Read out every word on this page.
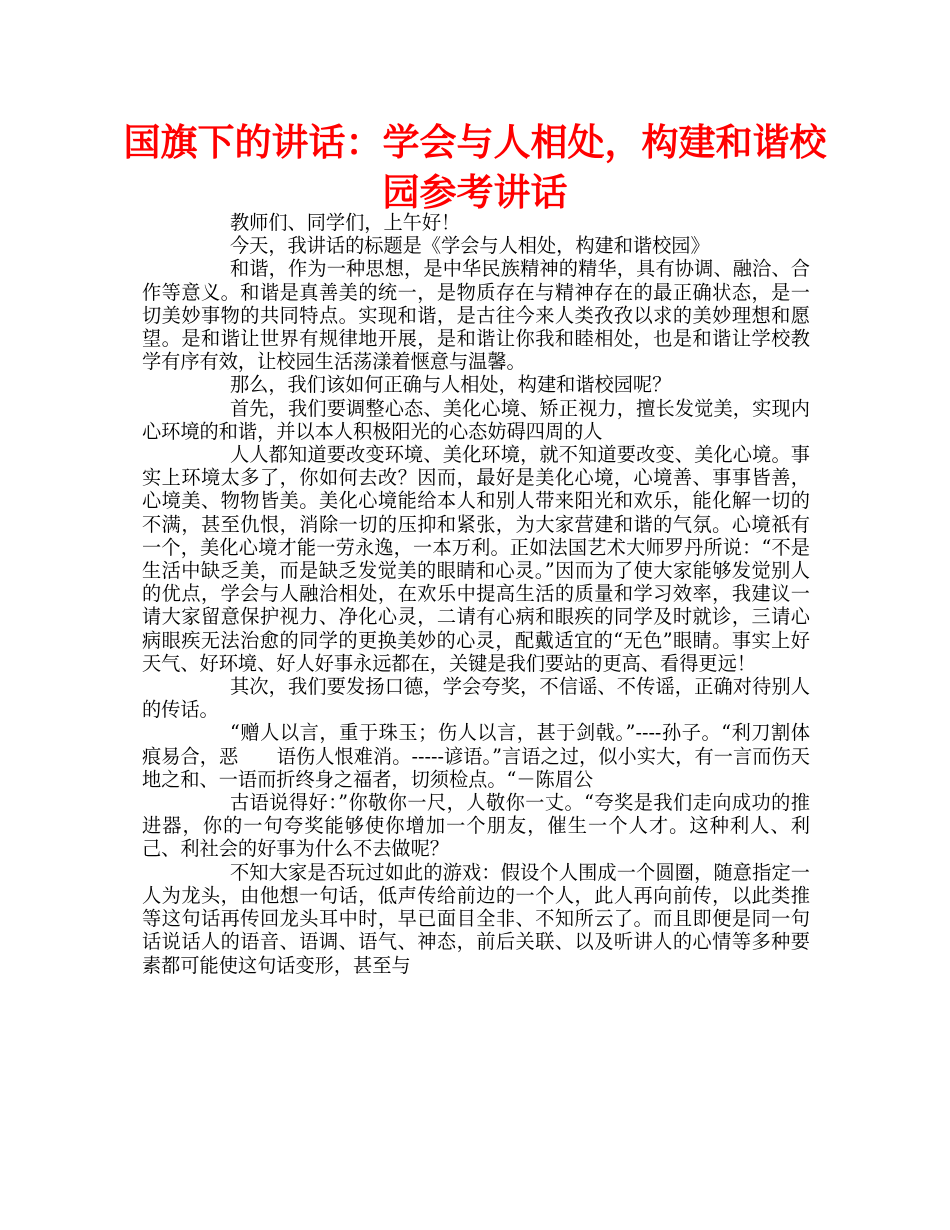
国旗下的讲话：学会与人相处，构建和谐校园参考讲话

教师们、同学们，上午好！

今天，我讲话的标题是《学会与人相处，构建和谐校园》

和谐，作为一种思想，是中华民族精神的精华，具有协调、融洽、合作等意义。和谐是真善美的统一，是物质存在与精神存在的最正确状态，是一切美妙事物的共同特点。实现和谐，是古往今来人类孜孜以求的美妙理想和愿望。是和谐让世界有规律地开展，是和谐让你我和睦相处，也是和谐让学校教学有序有效，让校园生活荡漾着惬意与温馨。

那么，我们该如何正确与人相处，构建和谐校园呢？

首先，我们要调整心态、美化心境、矫正视力，擅长发觉美，实现内心环境的和谐，并以本人积极阳光的心态妨碍四周的人

人人都知道要改变环境、美化环境，就不知道要改变、美化心境。事实上环境太多了，你如何去改？因而，最好是美化心境，心境善、事事皆善，心境美、物物皆美。美化心境能给本人和别人带来阳光和欢乐，能化解一切的不满，甚至仇恨，消除一切的压抑和紧张，为大家营建和谐的气氛。心境祇有一个，美化心境才能一劳永逸，一本万利。正如法国艺术大师罗丹所说：“不是生活中缺乏美，而是缺乏发觉美的眼睛和心灵。”因而为了使大家能够发觉别人的优点，学会与人融洽相处，在欢乐中提高生活的质量和学习效率，我建议一请大家留意保护视力、净化心灵，二请有心病和眼疾的同学及时就诊，三请心病眼疾无法治愈的同学的更换美妙的心灵，配戴适宜的“无色”眼睛。事实上好天气、好环境、好人好事永远都在，关键是我们要站的更高、看得更远！

其次，我们要发扬口德，学会夸奖，不信谣、不传谣，正确对待别人的传话。

“赠人以言，重于珠玉；伤人以言，甚于剑戟。”----孙子。“利刀割体痕易合，恶　　语伤人恨难消。-----谚语。”言语之过，似小实大，有一言而伤天地之和、一语而折终身之福者，切须检点。“－陈眉公

古语说得好：”你敬你一尺，人敬你一丈。“夸奖是我们走向成功的推进器，你的一句夸奖能够使你增加一个朋友，催生一个人才。这种利人、利己、利社会的好事为什么不去做呢？

不知大家是否玩过如此的游戏：假设个人围成一个圆圈，随意指定一人为龙头，由他想一句话，低声传给前边的一个人，此人再向前传，以此类推等这句话再传回龙头耳中时，早已面目全非、不知所云了。而且即便是同一句话说话人的语音、语调、语气、神态，前后关联、以及听讲人的心情等多种要素都可能使这句话变形，甚至与
